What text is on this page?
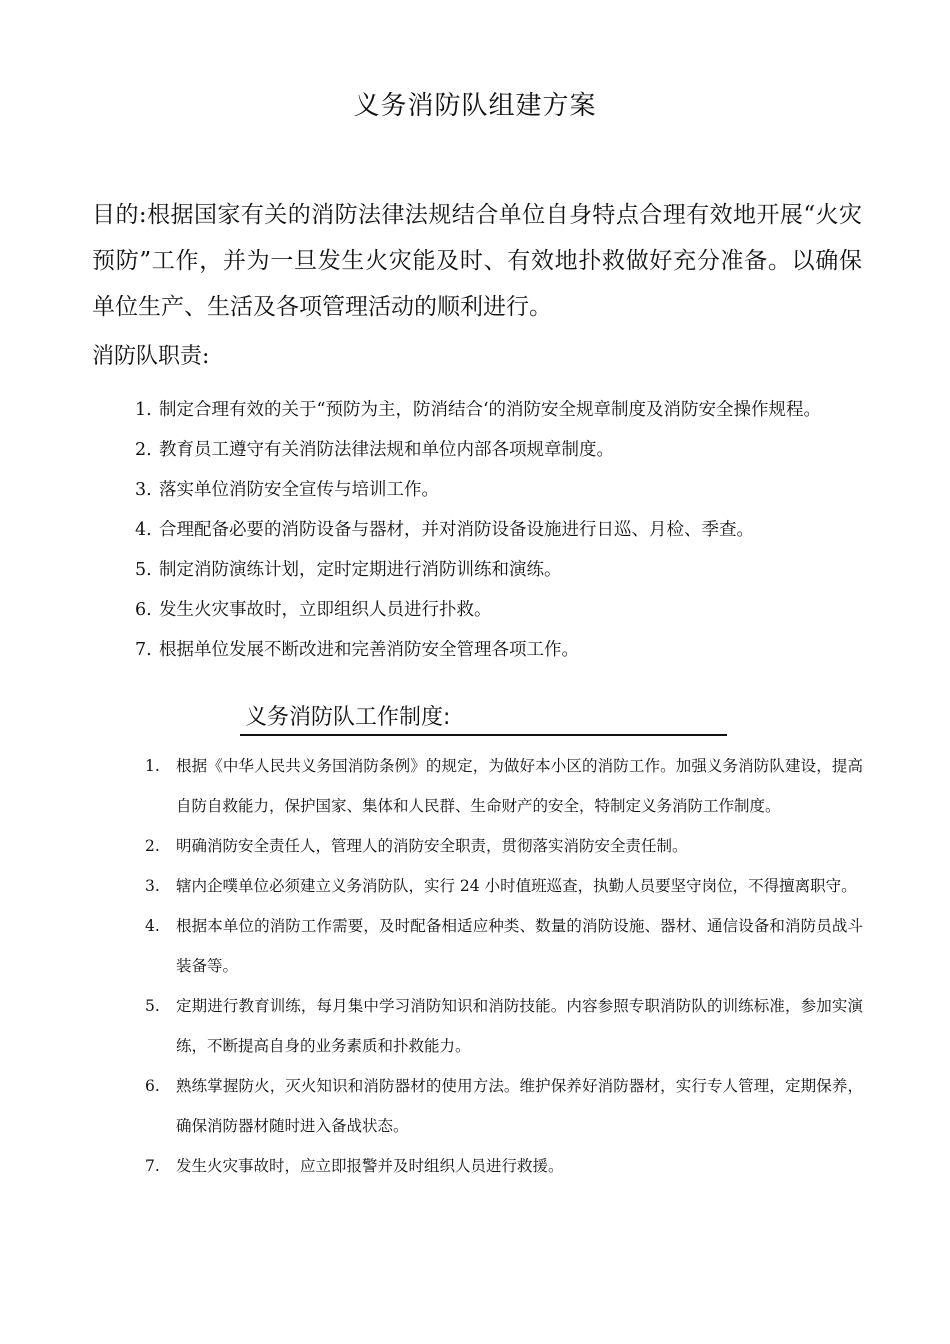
义务消防队组建方案
目的:根据国家有关的消防法律法规结合单位自身特点合理有效地开展“火灾预防”工作，并为一旦发生火灾能及时、有效地扑救做好充分准备。以确保单位生产、生活及各项管理活动的顺利进行。
消防队职责:
1. 制定合理有效的关于“预防为主，防消结合‘的消防安全规章制度及消防安全操作规程。
2. 教育员工遵守有关消防法律法规和单位内部各项规章制度。
3. 落实单位消防安全宣传与培训工作。
4. 合理配备必要的消防设备与器材，并对消防设备设施进行日巡、月检、季查。
5. 制定消防演练计划，定时定期进行消防训练和演练。
6. 发生火灾事故时，立即组织人员进行扑救。
7. 根据单位发展不断改进和完善消防安全管理各项工作。
义务消防队工作制度:
1. 根据《中华人民共义务国消防条例》的规定，为做好本小区的消防工作。加强义务消防队建设，提高自防自救能力，保护国家、集体和人民群、生命财产的安全，特制定义务消防工作制度。
2. 明确消防安全责任人，管理人的消防安全职责，贯彻落实消防安全责任制。
3. 辖内企噗单位必须建立义务消防队，实行 24 小时值班巡查，执勤人员要坚守岗位，不得擅离职守。
4. 根据本单位的消防工作需要，及时配备相适应种类、数量的消防设施、器材、通信设备和消防员战斗装备等。
5. 定期进行教育训练，每月集中学习消防知识和消防技能。内容参照专职消防队的训练标准，参加实演练，不断提高自身的业务素质和扑救能力。
6. 熟练掌握防火，灭火知识和消防器材的使用方法。维护保养好消防器材，实行专人管理，定期保养，确保消防器材随时进入备战状态。
7. 发生火灾事故时，应立即报警并及时组织人员进行救援。
